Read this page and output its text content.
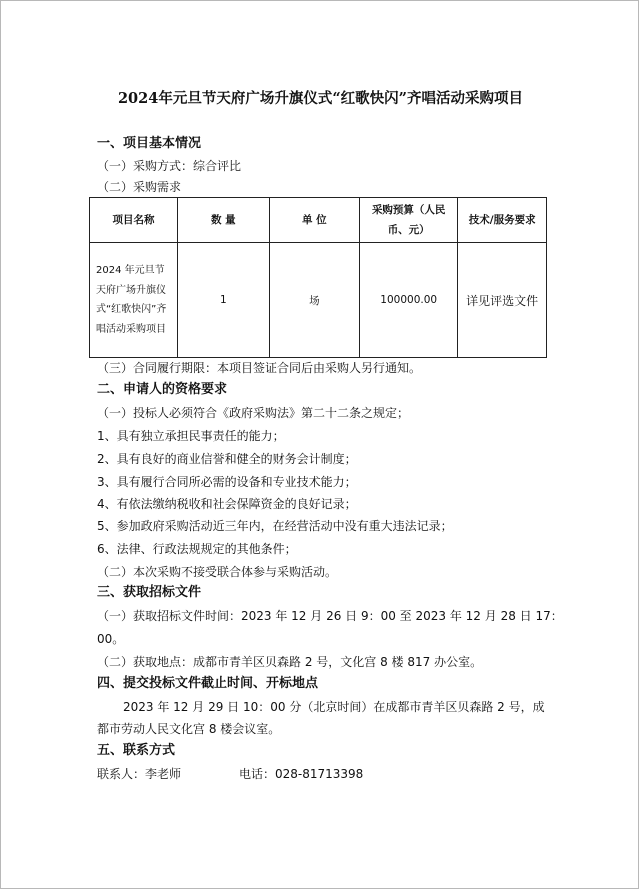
2024年元旦节天府广场升旗仪式“红歌快闪”齐唱活动采购项目
一、项目基本情况
（一）采购方式：综合评比
（二）采购需求
项目名称	数 量	单 位	采购预算（人民币、元）	技术/服务要求
2024 年元旦节天府广场升旗仪式“红歌快闪”齐唱活动采购项目	1	场	100000.00	详见评选文件
（三）合同履行期限：本项目签证合同后由采购人另行通知。
二、申请人的资格要求
（一）投标人必须符合《政府采购法》第二十二条之规定；
1、具有独立承担民事责任的能力；
2、具有良好的商业信誉和健全的财务会计制度；
3、具有履行合同所必需的设备和专业技术能力；
4、有依法缴纳税收和社会保障资金的良好记录；
5、参加政府采购活动近三年内，在经营活动中没有重大违法记录；
6、法律、行政法规规定的其他条件；
（二）本次采购不接受联合体参与采购活动。
三、获取招标文件
（一）获取招标文件时间：2023 年 12 月 26 日 9：00 至 2023 年 12 月 28 日 17：
00。
（二）获取地点：成都市青羊区贝森路 2 号，文化宫 8 楼 817 办公室。
四、提交投标文件截止时间、开标地点
2023 年 12 月 29 日 10：00 分（北京时间）在成都市青羊区贝森路 2 号，成
都市劳动人民文化宫 8 楼会议室。
五、联系方式
联系人：李老师	电话：028-81713398
